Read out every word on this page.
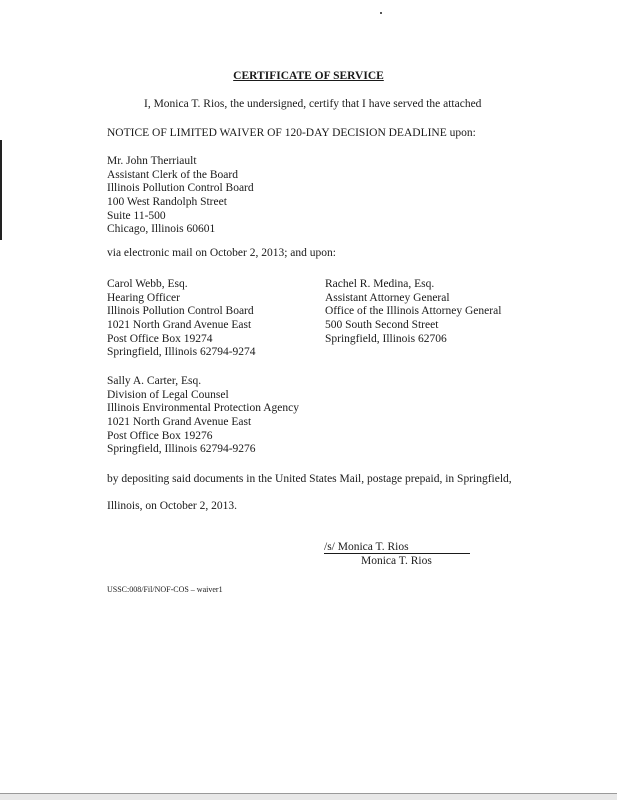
CERTIFICATE OF SERVICE
I, Monica T. Rios, the undersigned, certify that I have served the attached
NOTICE OF LIMITED WAIVER OF 120-DAY DECISION DEADLINE upon:
Mr. John Therriault
Assistant Clerk of the Board
Illinois Pollution Control Board
100 West Randolph Street
Suite 11-500
Chicago, Illinois 60601
via electronic mail on October 2, 2013; and upon:
Carol Webb, Esq.
Hearing Officer
Illinois Pollution Control Board
1021 North Grand Avenue East
Post Office Box 19274
Springfield, Illinois 62794-9274
Rachel R. Medina, Esq.
Assistant Attorney General
Office of the Illinois Attorney General
500 South Second Street
Springfield, Illinois 62706
Sally A. Carter, Esq.
Division of Legal Counsel
Illinois Environmental Protection Agency
1021 North Grand Avenue East
Post Office Box 19276
Springfield, Illinois 62794-9276
by depositing said documents in the United States Mail, postage prepaid, in Springfield,
Illinois, on October 2, 2013.
/s/ Monica T. Rios
Monica T. Rios
USSC:008/Fil/NOF-COS – waiver1
